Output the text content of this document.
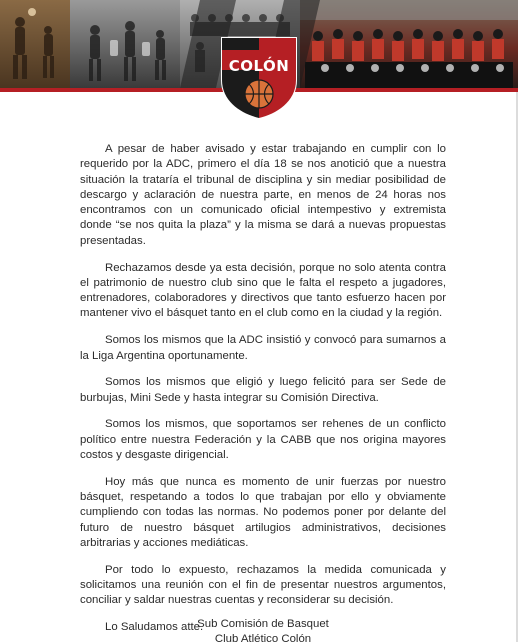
COLÓN

A pesar de haber avisado y estar trabajando en cumplir con lo requerido por la ADC, primero el día 18 se nos anotició que a nuestra situación la trataría el tribunal de disciplina y sin mediar posibilidad de descargo y aclaración de nuestra parte, en menos de 24 horas nos encontramos con un comunicado oficial intempestivo y extremista donde “se nos quita la plaza” y la misma se dará a nuevas propuestas presentadas.

Rechazamos desde ya esta decisión, porque no solo atenta contra el patrimonio de nuestro club sino que le falta el respeto a jugadores, entrenadores, colaboradores y directivos que tanto esfuerzo hacen por mantener vivo el básquet tanto en el club como en la ciudad y la región.

Somos los mismos que la ADC insistió y convocó para sumarnos a la Liga Argentina oportunamente.

Somos los mismos que eligió y luego felicitó para ser Sede de burbujas, Mini Sede y hasta integrar su Comisión Directiva.

Somos los mismos, que soportamos ser rehenes de un conflicto político entre nuestra Federación y la CABB que nos origina mayores costos y desgaste dirigencial.

Hoy más que nunca es momento de unir fuerzas por nuestro básquet, respetando a todos lo que trabajan por ello y obviamente cumpliendo con todas las normas. No podemos poner por delante del futuro de nuestro básquet artilugios administrativos, decisiones arbitrarias y acciones mediáticas.

Por todo lo expuesto, rechazamos la medida comunicada y solicitamos una reunión con el fin de presentar nuestros argumentos, conciliar y saldar nuestras cuentas y reconsiderar su decisión.

Lo Saludamos atte.

Sub Comisión de Basquet
Club Atlético Colón
